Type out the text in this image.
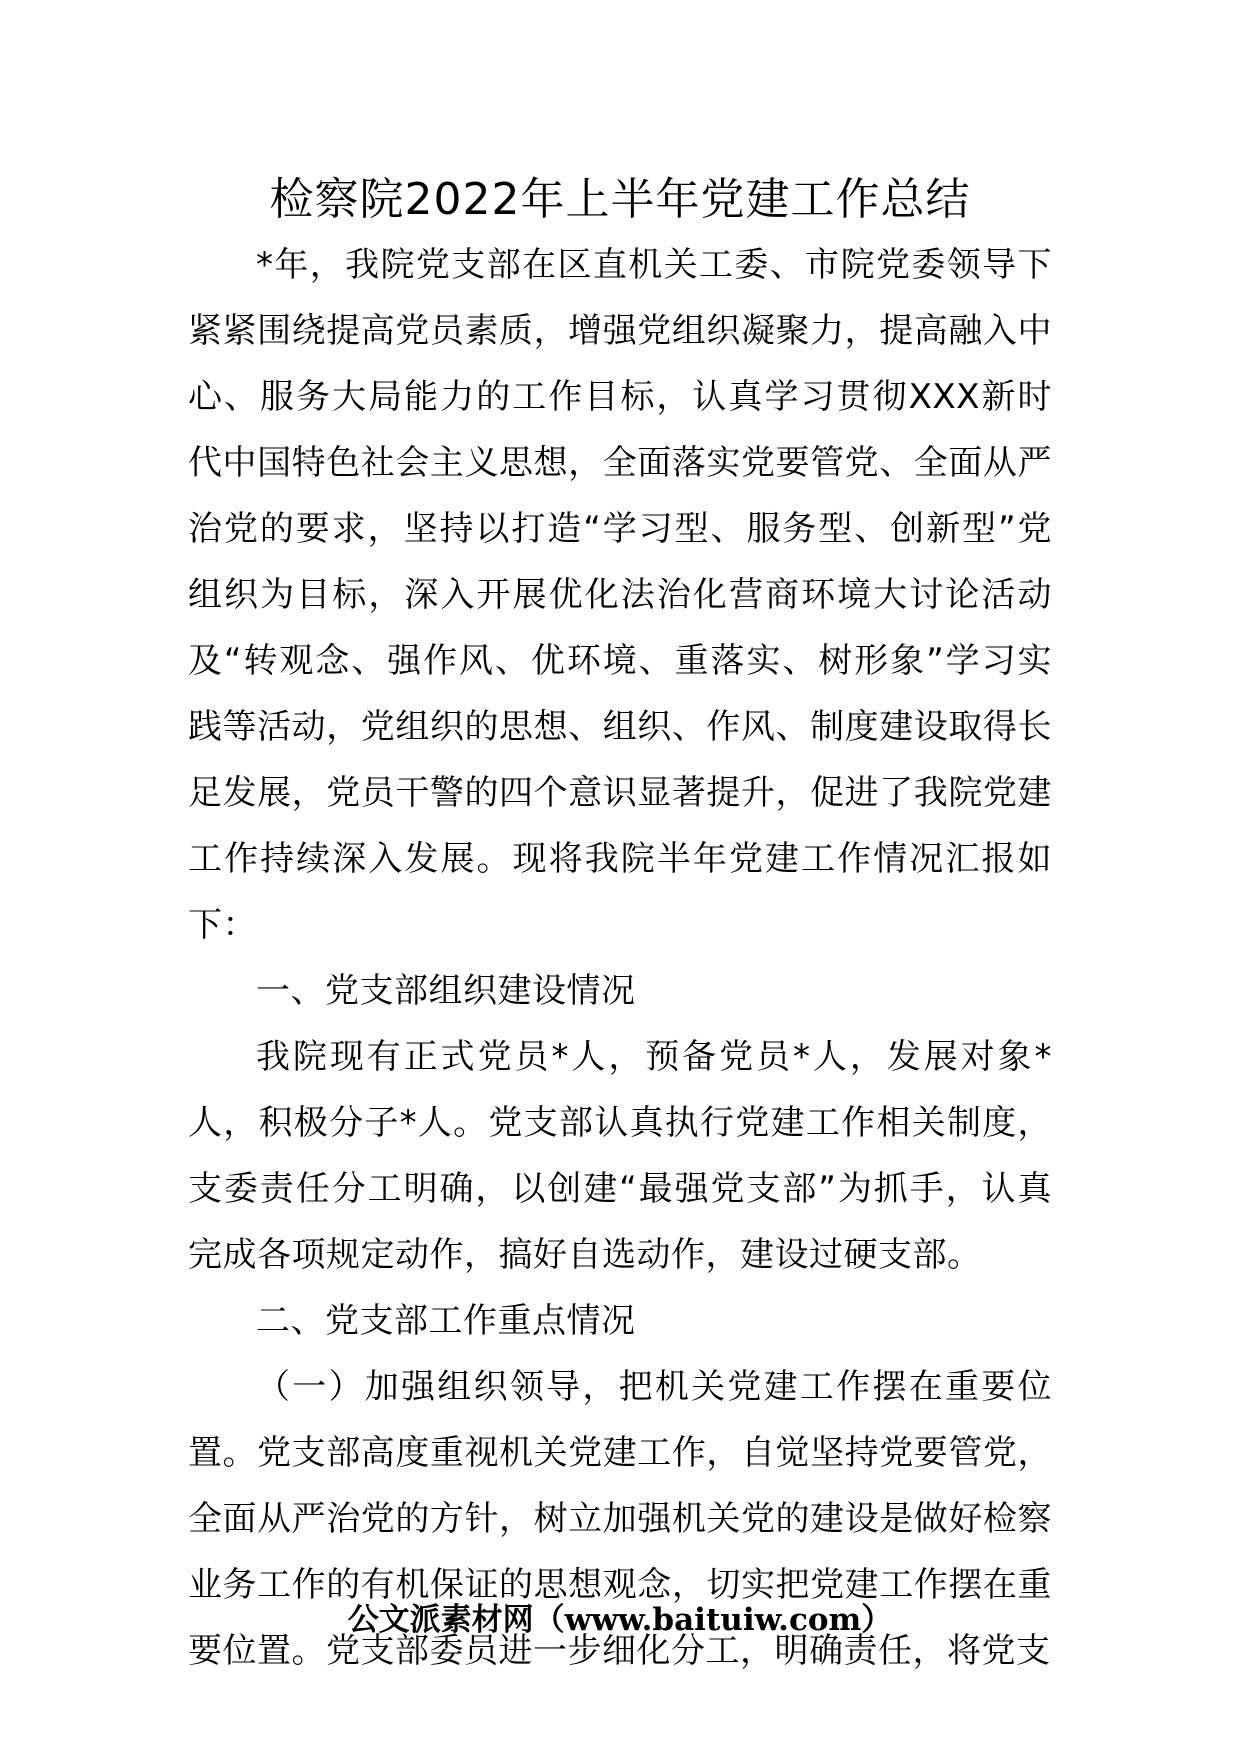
检察院2022年上半年党建工作总结

*年，我院党支部在区直机关工委、市院党委领导下紧紧围绕提高党员素质，增强党组织凝聚力，提高融入中心、服务大局能力的工作目标，认真学习贯彻XXX新时代中国特色社会主义思想，全面落实党要管党、全面从严治党的要求，坚持以打造“学习型、服务型、创新型”党组织为目标，深入开展优化法治化营商环境大讨论活动及“转观念、强作风、优环境、重落实、树形象”学习实践等活动，党组织的思想、组织、作风、制度建设取得长足发展，党员干警的四个意识显著提升，促进了我院党建工作持续深入发展。现将我院半年党建工作情况汇报如下：

一、党支部组织建设情况

我院现有正式党员*人，预备党员*人，发展对象*人，积极分子*人。党支部认真执行党建工作相关制度，支委责任分工明确，以创建“最强党支部”为抓手，认真完成各项规定动作，搞好自选动作，建设过硬支部。

二、党支部工作重点情况

（一）加强组织领导，把机关党建工作摆在重要位置。党支部高度重视机关党建工作，自觉坚持党要管党，全面从严治党的方针，树立加强机关党的建设是做好检察业务工作的有机保证的思想观念，切实把党建工作摆在重要位置。党支部委员进一步细化分工，明确责任，将党支

公文派素材网（www.baituiw.com）
